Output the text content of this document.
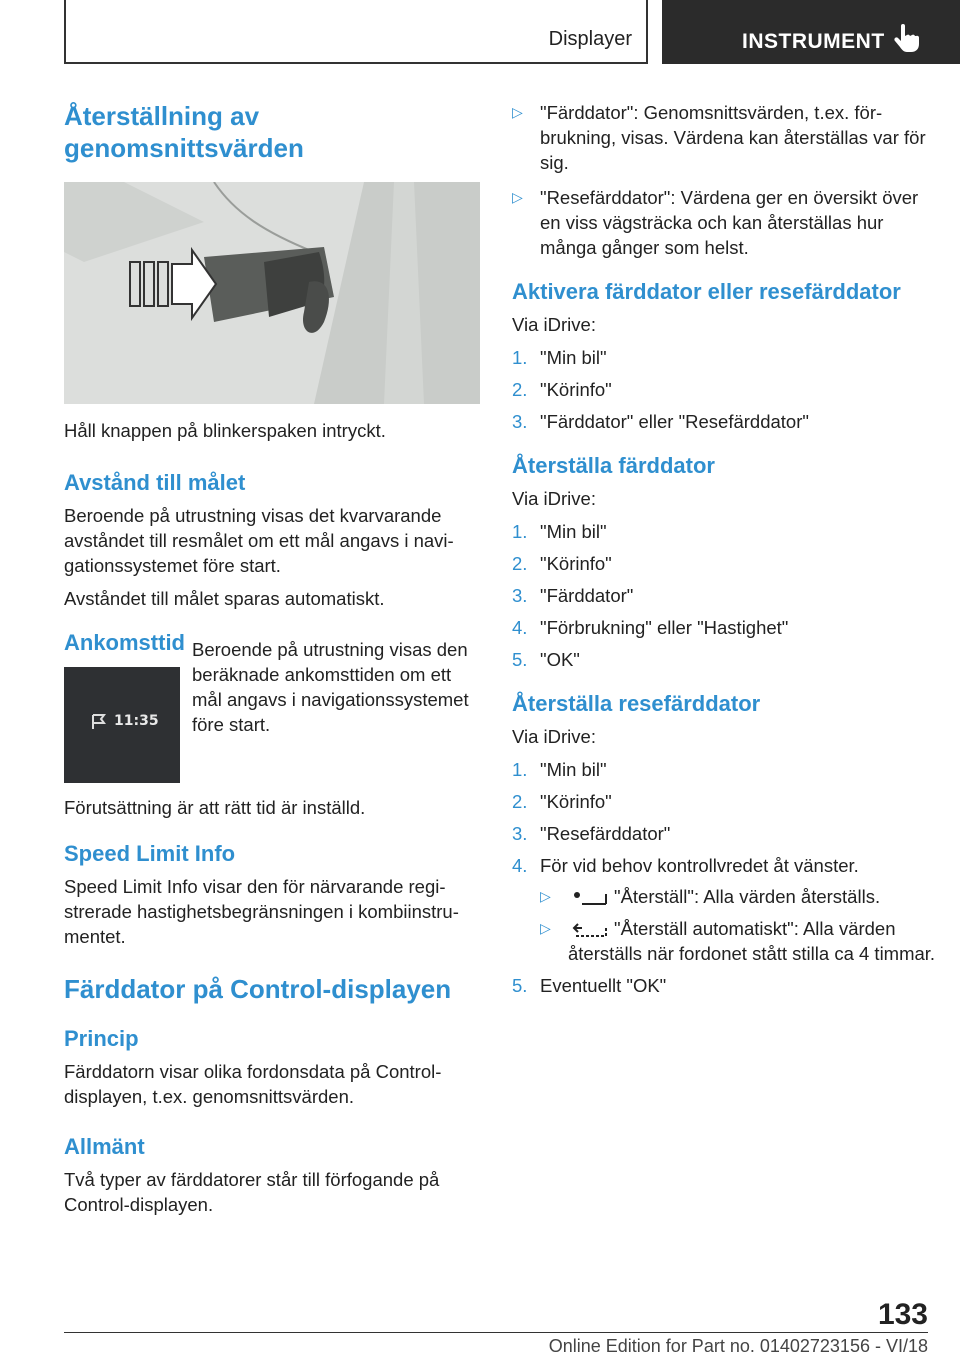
Displayer	INSTRUMENT
Återställning av genomsnittsvärden

Håll knappen på blinkerspaken intryckt.

Avstånd till målet

Beroende på utrustning visas det kvarvarande avståndet till resmålet om ett mål angavs i navigationssystemet före start.

Avståndet till målet sparas automatiskt.

Ankomsttid
11:35

Beroende på utrustning visas den beräknade ankomsttiden om ett mål angavs i navigationssystemet före start.

Förutsättning är att rätt tid är inställd.

Speed Limit Info

Speed Limit Info visar den för närvarande registrerade hastighetsbegränsningen i kombiinstrumentet.

Färddator på Control-displayen
Princip

Färddatorn visar olika fordonsdata på Control-displayen, t.ex. genomsnittsvärden.

Allmänt

Två typer av färddatorer står till förfogande på Control-displayen.

▷ "Färddator": Genomsnittsvärden, t.ex. förbrukning, visas. Värdena kan återställas var för sig.
▷ "Resefärddator": Värdena ger en översikt över en viss vägsträcka och kan återställas hur många gånger som helst.
Aktivera färddator eller resefärddator

Via iDrive:

1. "Min bil"
2. "Körinfo"
3. "Färddator" eller "Resefärddator"
Återställa färddator

Via iDrive:

1. "Min bil"
2. "Körinfo"
3. "Färddator"
4. "Förbrukning" eller "Hastighet"
5. "OK"
Återställa resefärddator

Via iDrive:

1. "Min bil"
2. "Körinfo"
3. "Resefärddator"
4. För vid behov kontrollvredet åt vänster.
▷	"Återställ": Alla värden återställs.
▷	"Återställ automatiskt": Alla värden återställs när fordonet stått stilla ca 4 timmar.
5. Eventuellt "OK"
133
Online Edition for Part no. 01402723156 - VI/18
